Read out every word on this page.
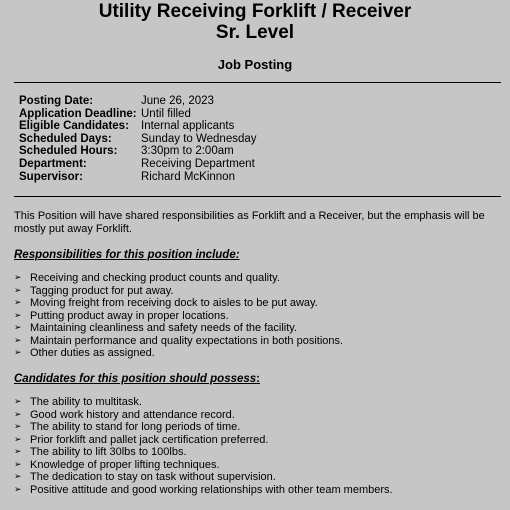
Utility Receiving Forklift / Receiver
Sr. Level
Job Posting
Posting Date:	June 26, 2023
Application Deadline: Until filled
Eligible Candidates:	Internal applicants
Scheduled Days:	Sunday to Wednesday
Scheduled Hours:	3:30pm to 2:00am
Department:	Receiving Department
Supervisor:	Richard McKinnon
This Position will have shared responsibilities as Forklift and a Receiver, but the emphasis will be mostly put away Forklift.
Responsibilities for this position include:
➢ Receiving and checking product counts and quality.
➢ Tagging product for put away.
➢ Moving freight from receiving dock to aisles to be put away.
➢ Putting product away in proper locations.
➢ Maintaining cleanliness and safety needs of the facility.
➢ Maintain performance and quality expectations in both positions.
➢ Other duties as assigned.
Candidates for this position should possess:
➢ The ability to multitask.
➢ Good work history and attendance record.
➢ The ability to stand for long periods of time.
➢ Prior forklift and pallet jack certification preferred.
➢ The ability to lift 30lbs to 100lbs.
➢ Knowledge of proper lifting techniques.
➢ The dedication to stay on task without supervision.
➢ Positive attitude and good working relationships with other team members.
